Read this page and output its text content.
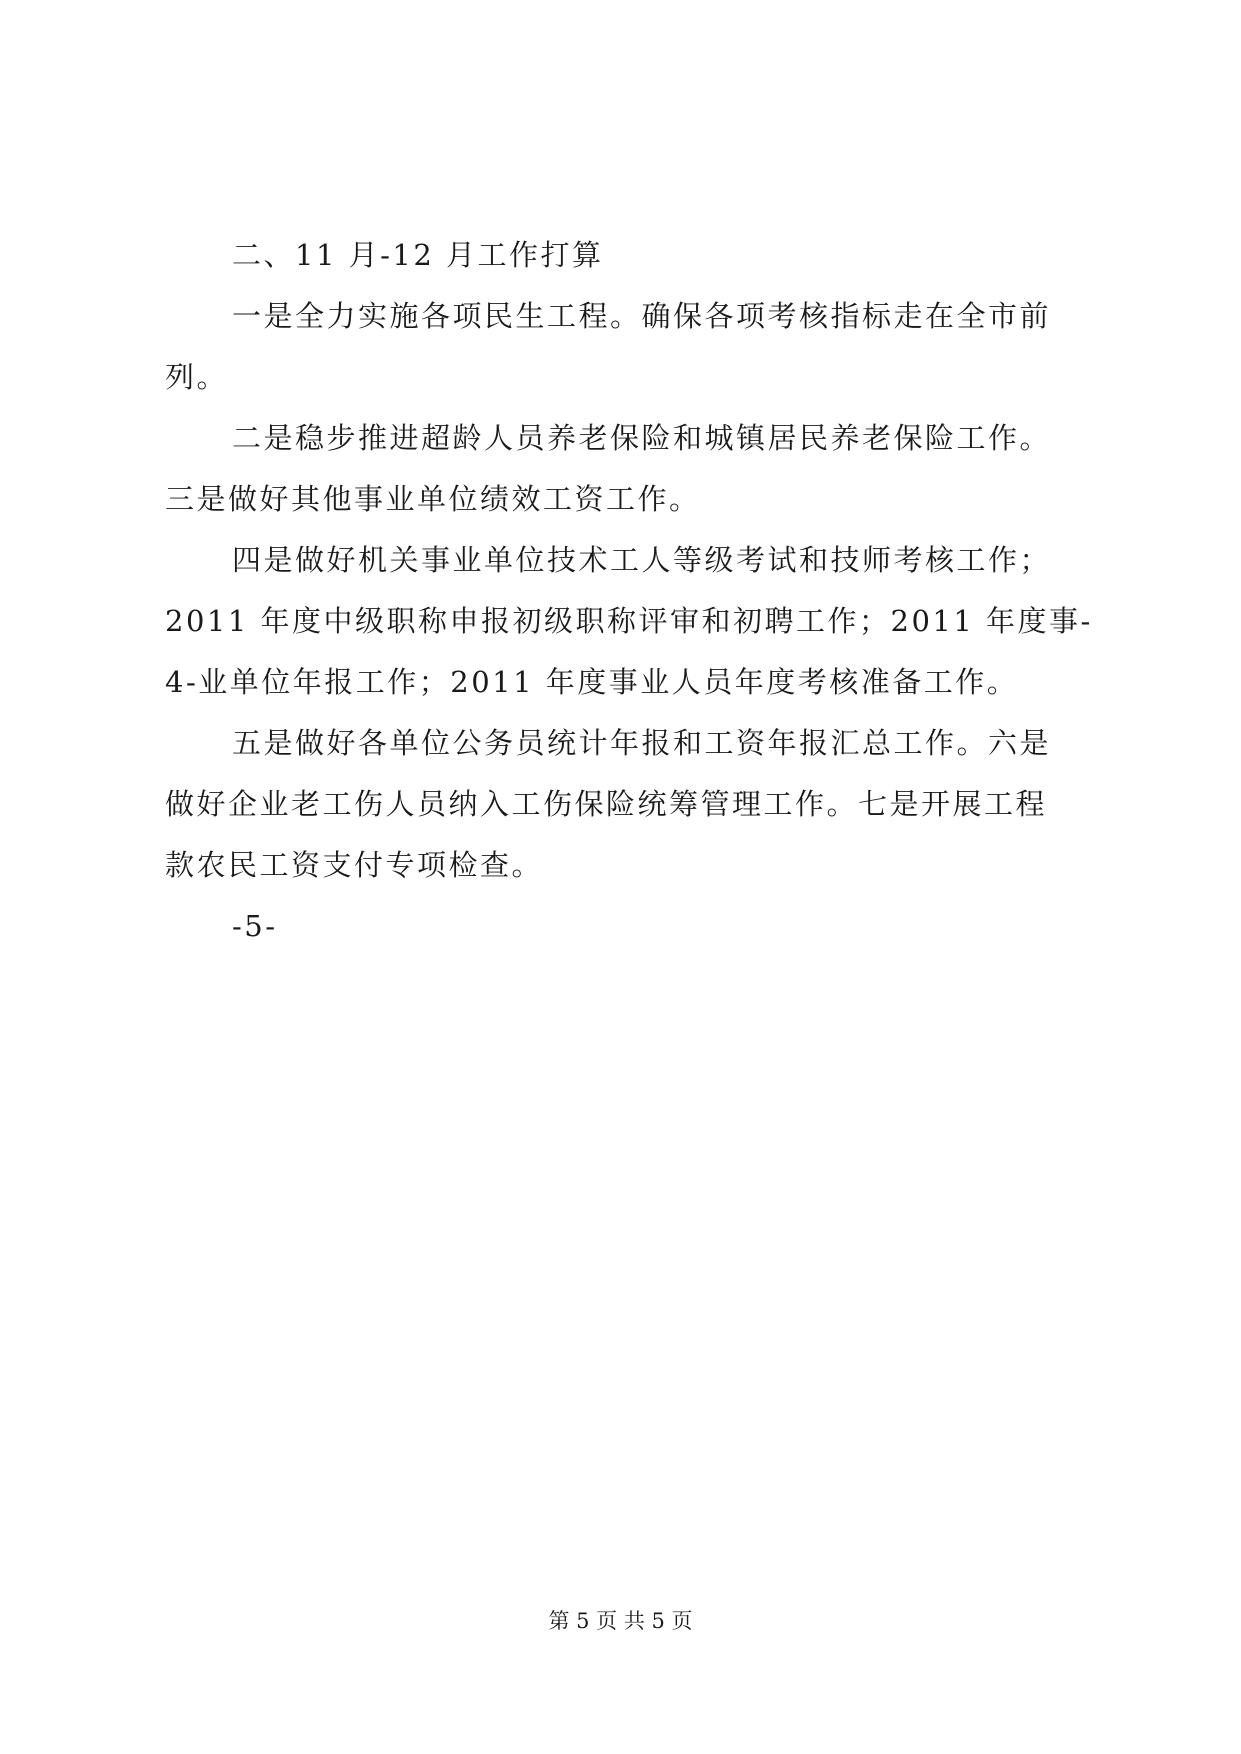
二、11 月-12 月工作打算
一是全力实施各项民生工程。确保各项考核指标走在全市前
列。
二是稳步推进超龄人员养老保险和城镇居民养老保险工作。
三是做好其他事业单位绩效工资工作。
四是做好机关事业单位技术工人等级考试和技师考核工作；
2011 年度中级职称申报初级职称评审和初聘工作；2011 年度事-
4-业单位年报工作；2011 年度事业人员年度考核准备工作。
五是做好各单位公务员统计年报和工资年报汇总工作。六是
做好企业老工伤人员纳入工伤保险统筹管理工作。七是开展工程
款农民工资支付专项检查。
-5-
第 5 页 共 5 页
